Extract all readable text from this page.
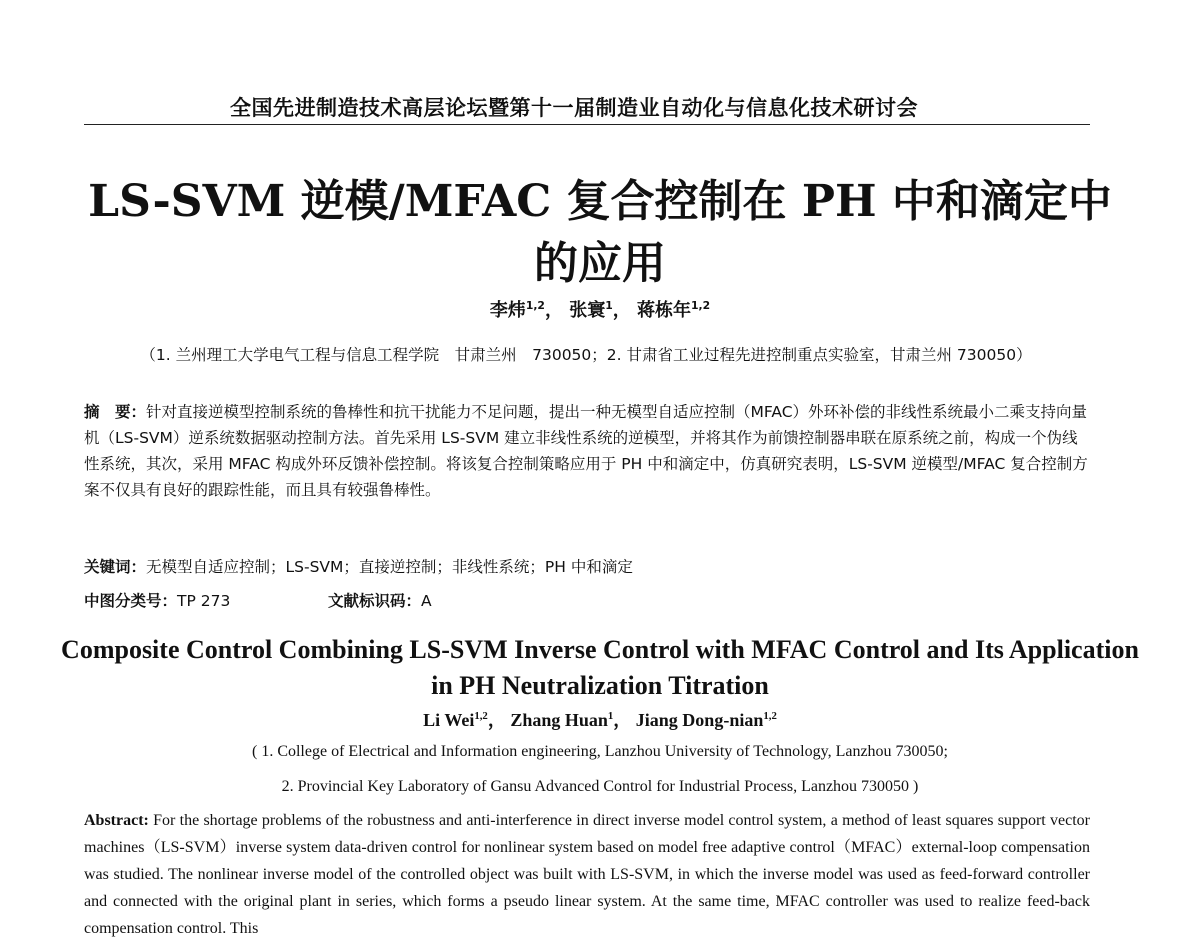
全国先进制造技术高层论坛暨第十一届制造业自动化与信息化技术研讨会
LS-SVM 逆模/MFAC 复合控制在 PH 中和滴定中
的应用
李炜$^{1,2}$， 张寰$^1$， 蒋栋年$^{1,2}$
（1. 兰州理工大学电气工程与信息工程学院　甘肃兰州　730050；2. 甘肃省工业过程先进控制重点实验室，甘肃兰州 730050）
摘　要：针对直接逆模型控制系统的鲁棒性和抗干扰能力不足问题，提出一种无模型自适应控制（MFAC）外环补偿的非线性系统最小二乘支持向量机（LS-SVM）逆系统数据驱动控制方法。首先采用 LS-SVM 建立非线性系统的逆模型，并将其作为前馈控制器串联在原系统之前，构成一个伪线性系统，其次，采用 MFAC 构成外环反馈补偿控制。将该复合控制策略应用于 PH 中和滴定中，仿真研究表明，LS-SVM 逆模型/MFAC 复合控制方案不仅具有良好的跟踪性能，而且具有较强鲁棒性。
关键词：无模型自适应控制；LS-SVM；直接逆控制；非线性系统；PH 中和滴定
中图分类号：TP 273	文献标识码：A
Composite Control Combining LS-SVM Inverse Control with MFAC Control and Its Application in PH Neutralization Titration
Li Wei$^{1,2}$， Zhang Huan$^1$， Jiang Dong-nian$^{1,2}$
( 1. College of Electrical and Information engineering, Lanzhou University of Technology, Lanzhou 730050;
2. Provincial Key Laboratory of Gansu Advanced Control for Industrial Process, Lanzhou 730050 )
Abstract: For the shortage problems of the robustness and anti-interference in direct inverse model control system, a method of least squares support vector machines（LS-SVM）inverse system data-driven control for nonlinear system based on model free adaptive control（MFAC）external-loop compensation was studied. The nonlinear inverse model of the controlled object was built with LS-SVM, in which the inverse model was used as feed-forward controller and connected with the original plant in series, which forms a pseudo linear system. At the same time, MFAC controller was used to realize feed-back compensation control. This
